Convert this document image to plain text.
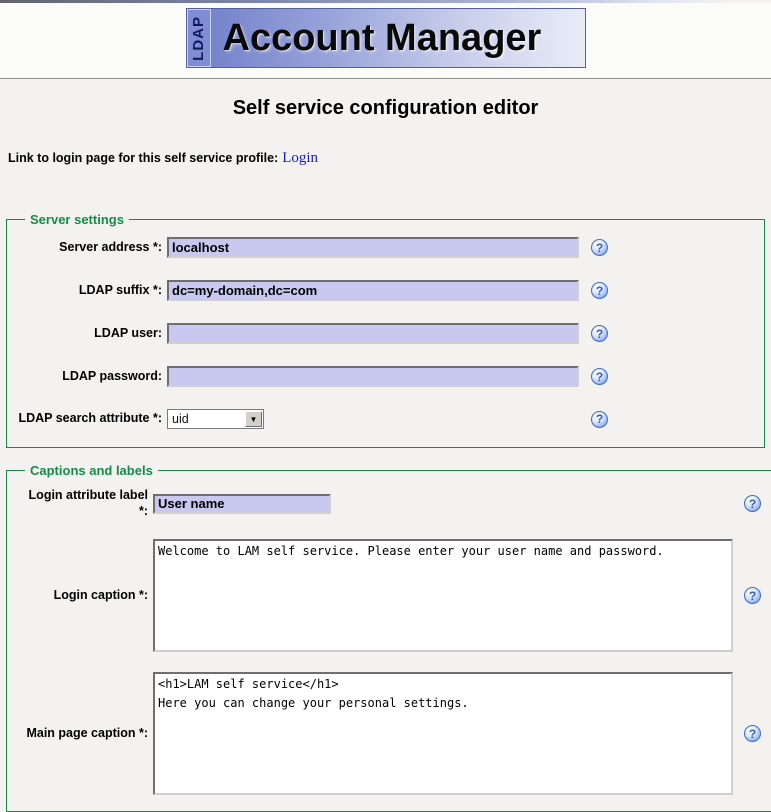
LDAP Account Manager
Self service configuration editor
Link to login page for this self service profile: Login
Server settings
Server address *:
localhost	?
LDAP suffix *:
dc=my-domain,dc=com	?
LDAP user:	?
LDAP password:	?
LDAP search attribute *: uid	▼	?
Captions and labels
Login attribute label *:
User name	?
Login caption *:
Welcome to LAM self service. Please enter your user name and password.	?
Main page caption *:
<h1>LAM self service</h1> Here you can change your personal settings.	?
